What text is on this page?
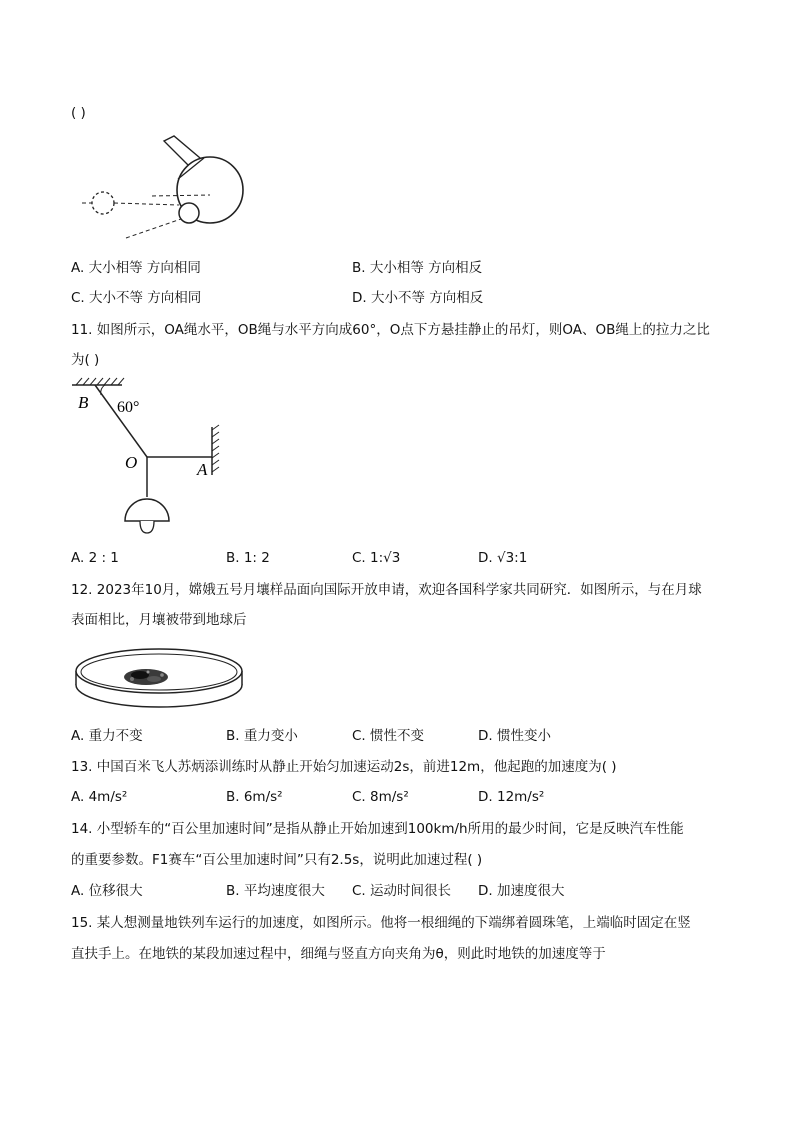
( )
A. 大小相等 方向相同	B. 大小相等 方向相反
C. 大小不等 方向相同	D. 大小不等 方向相反
11. 如图所示，OA绳水平，OB绳与水平方向成60°，O点下方悬挂静止的吊灯，则OA、OB绳上的拉力之比
为( )
B 60°
O	A
A. 2 : 1	B. 1: 2	C. 1:√3	D. √3:1
12. 2023年10月，嫦娥五号月壤样品面向国际开放申请，欢迎各国科学家共同研究．如图所示，与在月球
表面相比，月壤被带到地球后
A. 重力不变	B. 重力变小	C. 惯性不变	D. 惯性变小
13. 中国百米飞人苏炳添训练时从静止开始匀加速运动2s，前进12m，他起跑的加速度为( )
A. 4m/s²	B. 6m/s²	C. 8m/s²	D. 12m/s²
14. 小型轿车的“百公里加速时间”是指从静止开始加速到100km/h所用的最少时间，它是反映汽车性能
的重要参数。F1赛车“百公里加速时间”只有2.5s，说明此加速过程( )
A. 位移很大	B. 平均速度很大 C. 运动时间很长 D. 加速度很大
15. 某人想测量地铁列车运行的加速度，如图所示。他将一根细绳的下端绑着圆珠笔，上端临时固定在竖
直扶手上。在地铁的某段加速过程中，细绳与竖直方向夹角为θ，则此时地铁的加速度等于
